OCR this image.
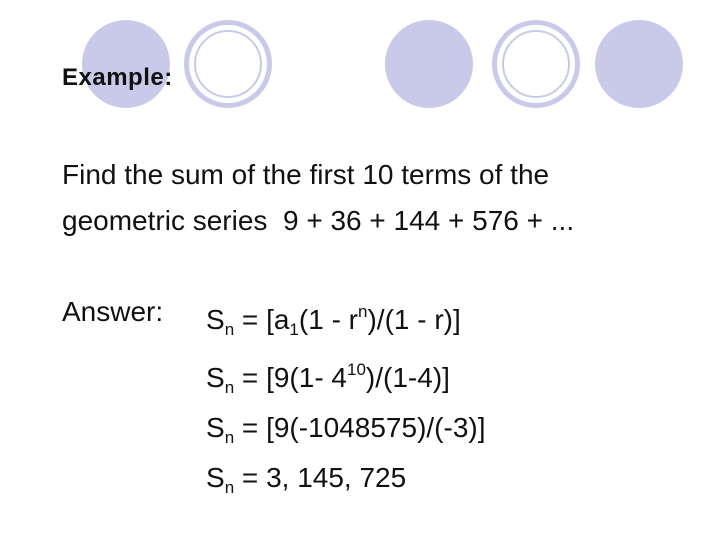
Example:
Find the sum of the first 10 terms of the
geometric series  9 + 36 + 144 + 576 + ...
Answer: $S_n = [a_1(1 - r^n)/(1 - r)]$
$S_n = [9(1-$ $4^{10})/(1-4)$]
$S_n = [9(-1048575)/(-3)]$
$S_n = 3$, 145, 725
